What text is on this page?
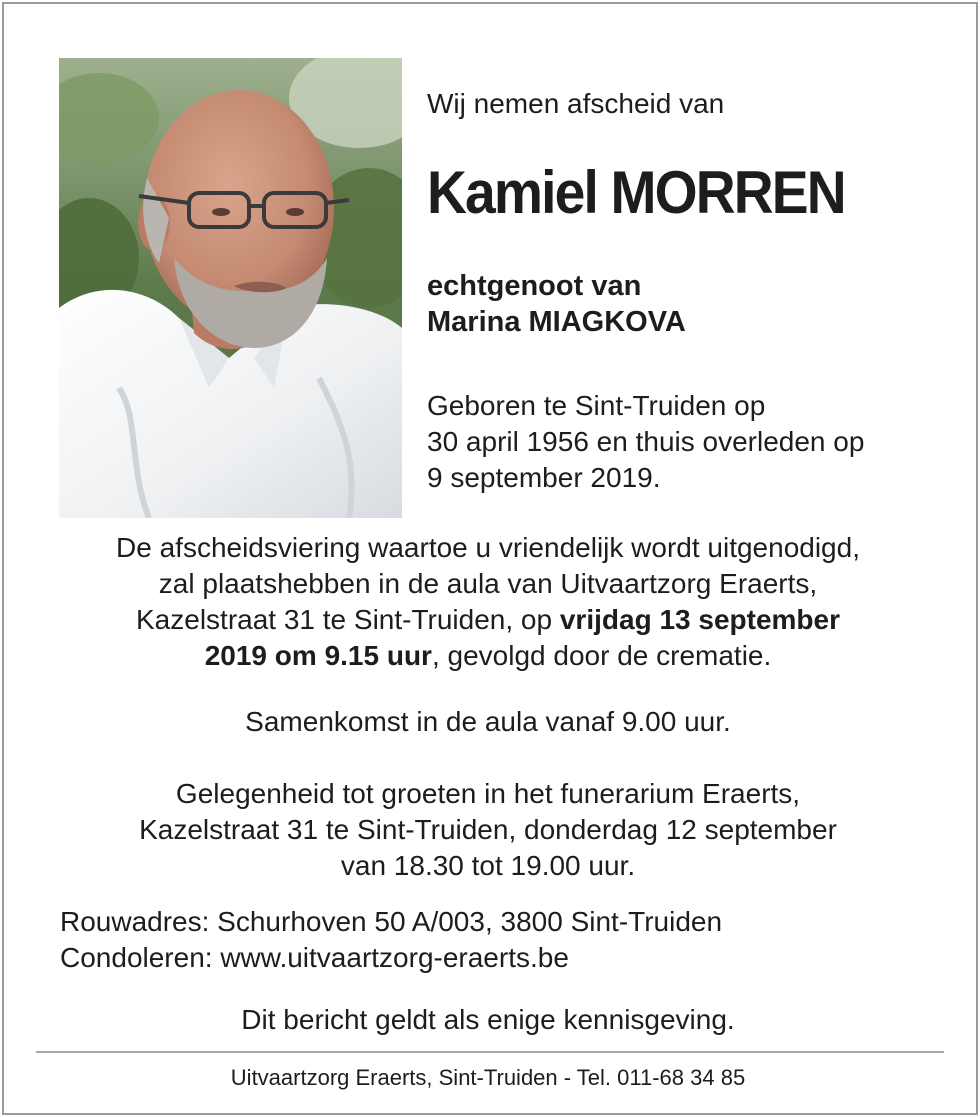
Wij nemen afscheid van
Kamiel MORREN
echtgenoot van
Marina MIAGKOVA
Geboren te Sint-Truiden op
30 april 1956 en thuis overleden op
9 september 2019.
De afscheidsviering waartoe u vriendelijk wordt uitgenodigd,
zal plaatshebben in de aula van Uitvaartzorg Eraerts,
Kazelstraat 31 te Sint-Truiden, op vrijdag 13 september
2019 om 9.15 uur, gevolgd door de crematie.
Samenkomst in de aula vanaf 9.00 uur.
Gelegenheid tot groeten in het funerarium Eraerts,
Kazelstraat 31 te Sint-Truiden, donderdag 12 september
van 18.30 tot 19.00 uur.
Rouwadres: Schurhoven 50 A/003, 3800 Sint-Truiden
Condoleren: www.uitvaartzorg-eraerts.be
Dit bericht geldt als enige kennisgeving.
Uitvaartzorg Eraerts, Sint-Truiden - Tel. 011-68 34 85
